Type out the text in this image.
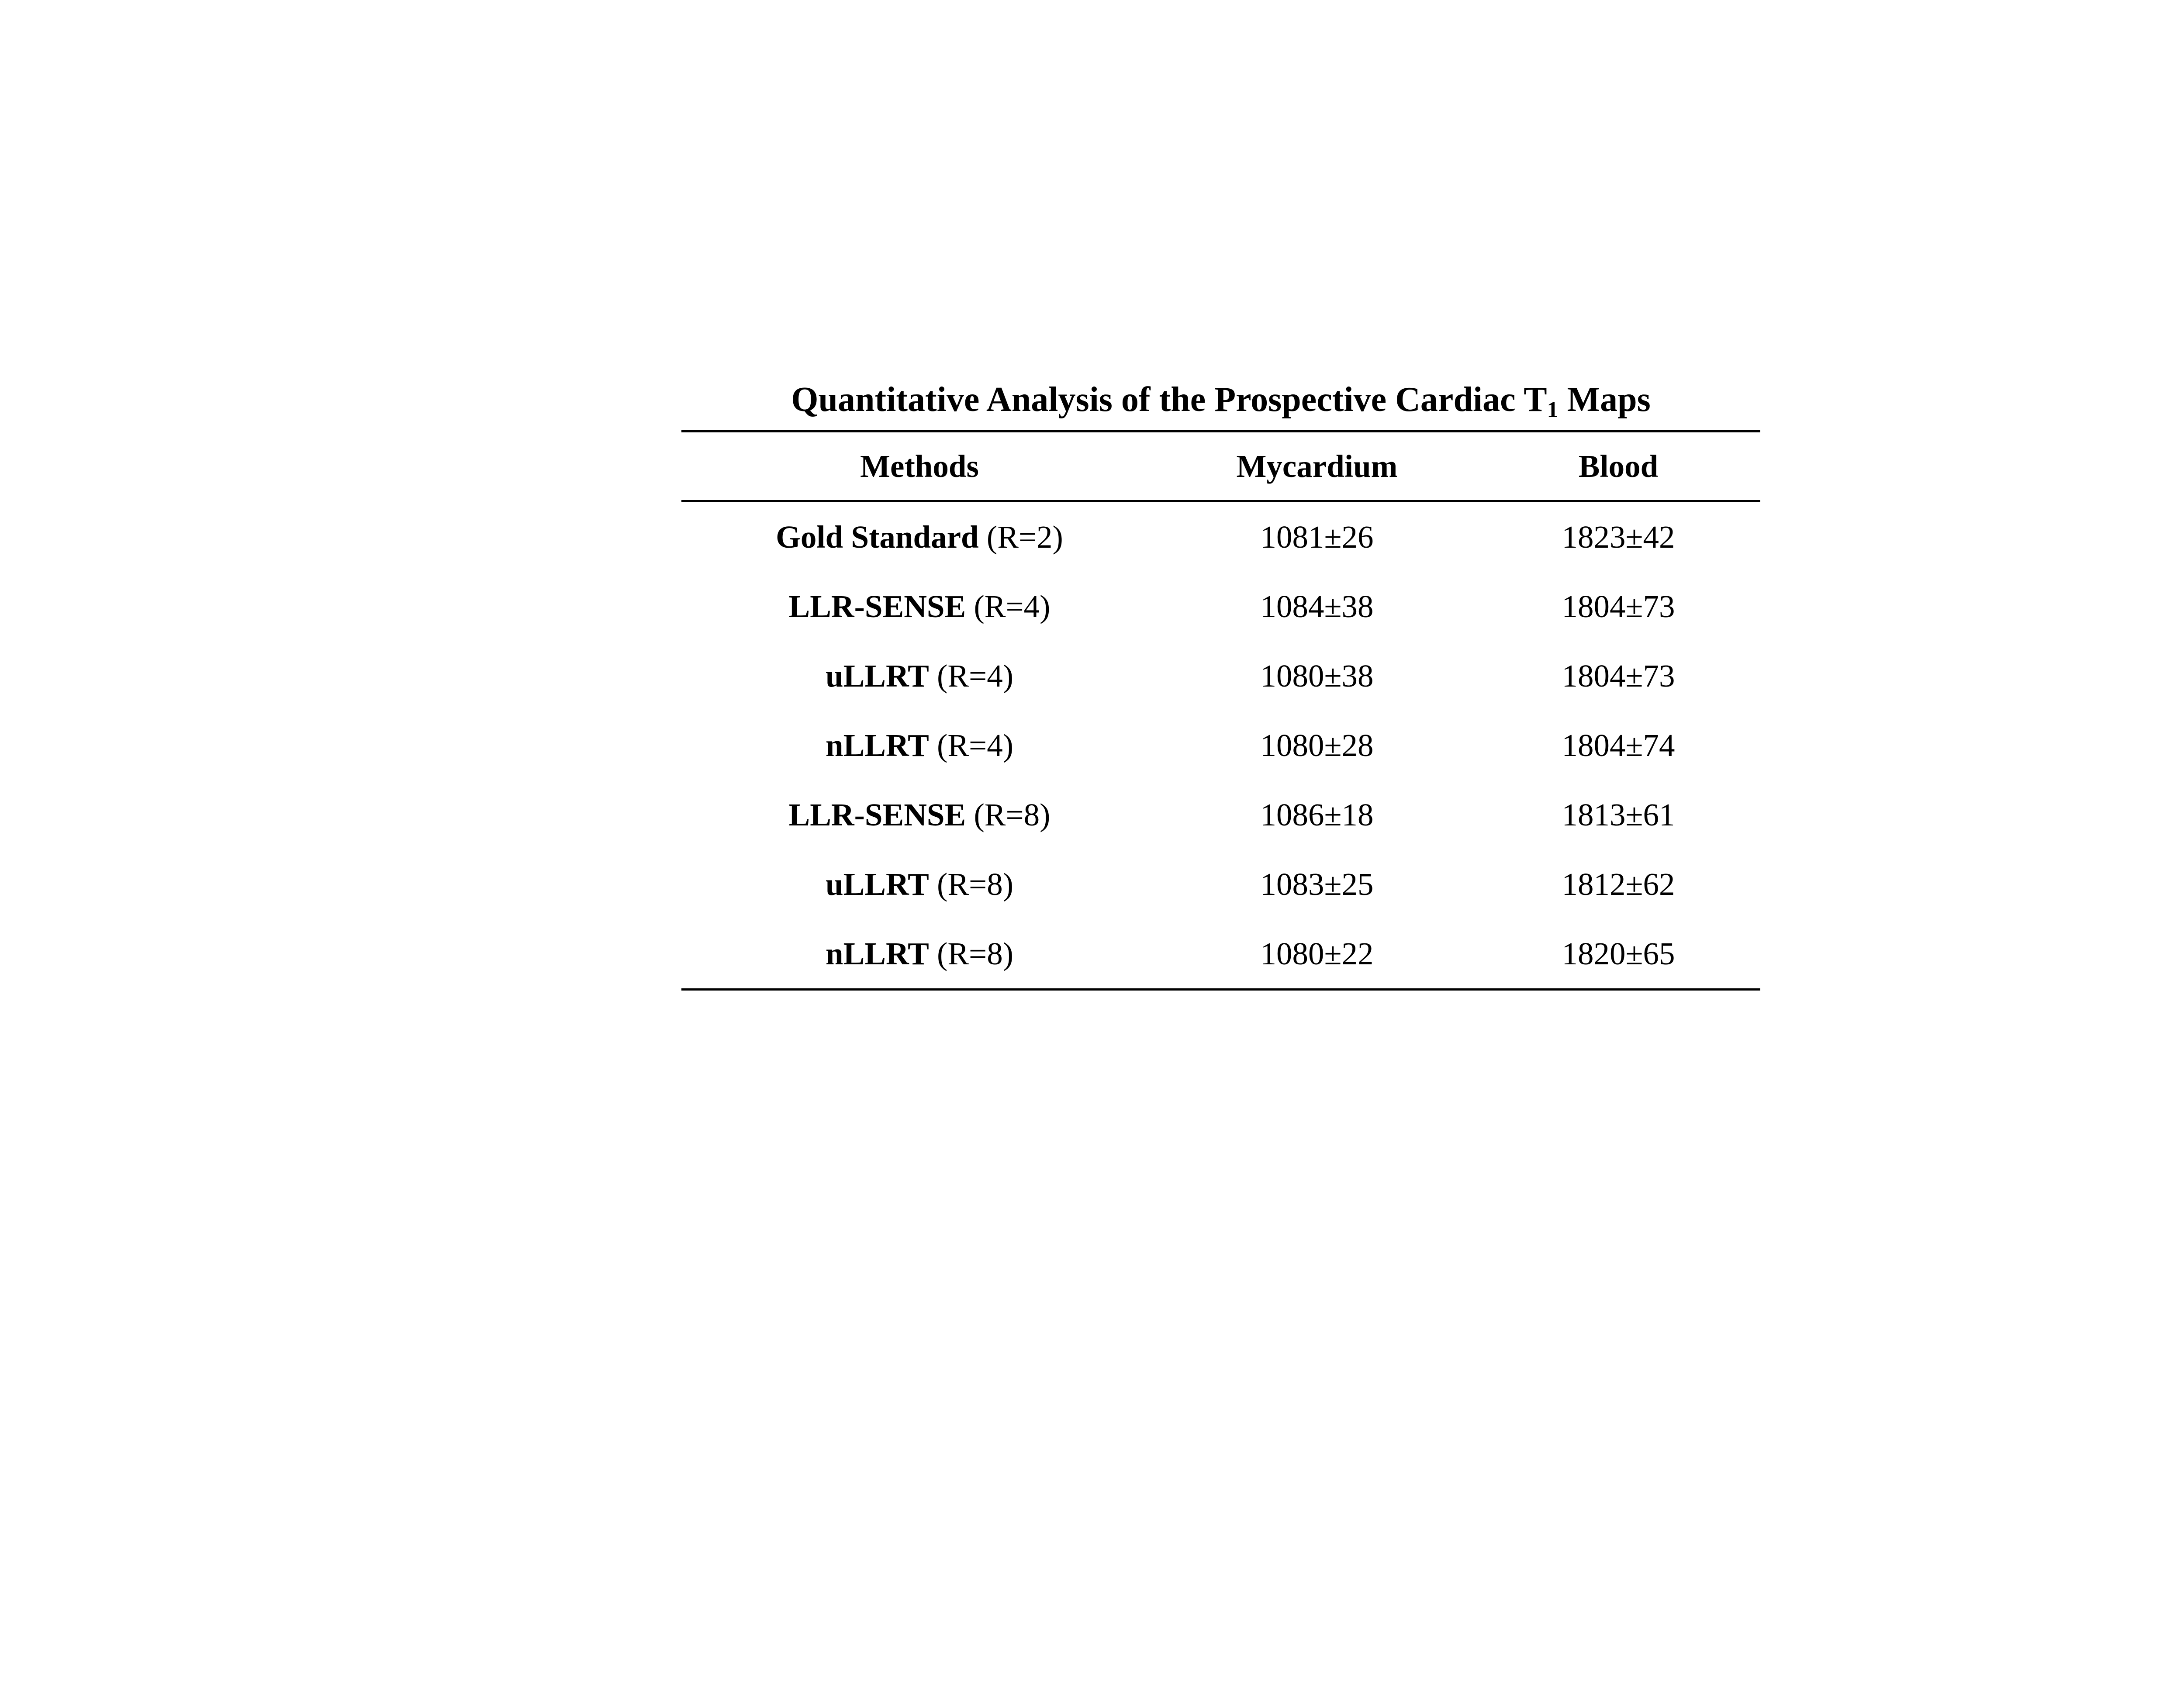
Quantitative Analysis of the Prospective Cardiac $T_1$ Maps
Methods	Mycardium	Blood
Gold Standard (R=2)	1081±26	1823±42
LLR-SENSE (R=4)	1084±38	1804±73
uLLRT (R=4)	1080±38	1804±73
nLLRT (R=4)	1080±28	1804±74
LLR-SENSE (R=8)	1086±18	1813±61
uLLRT (R=8)	1083±25	1812±62
nLLRT (R=8)	1080±22	1820±65
